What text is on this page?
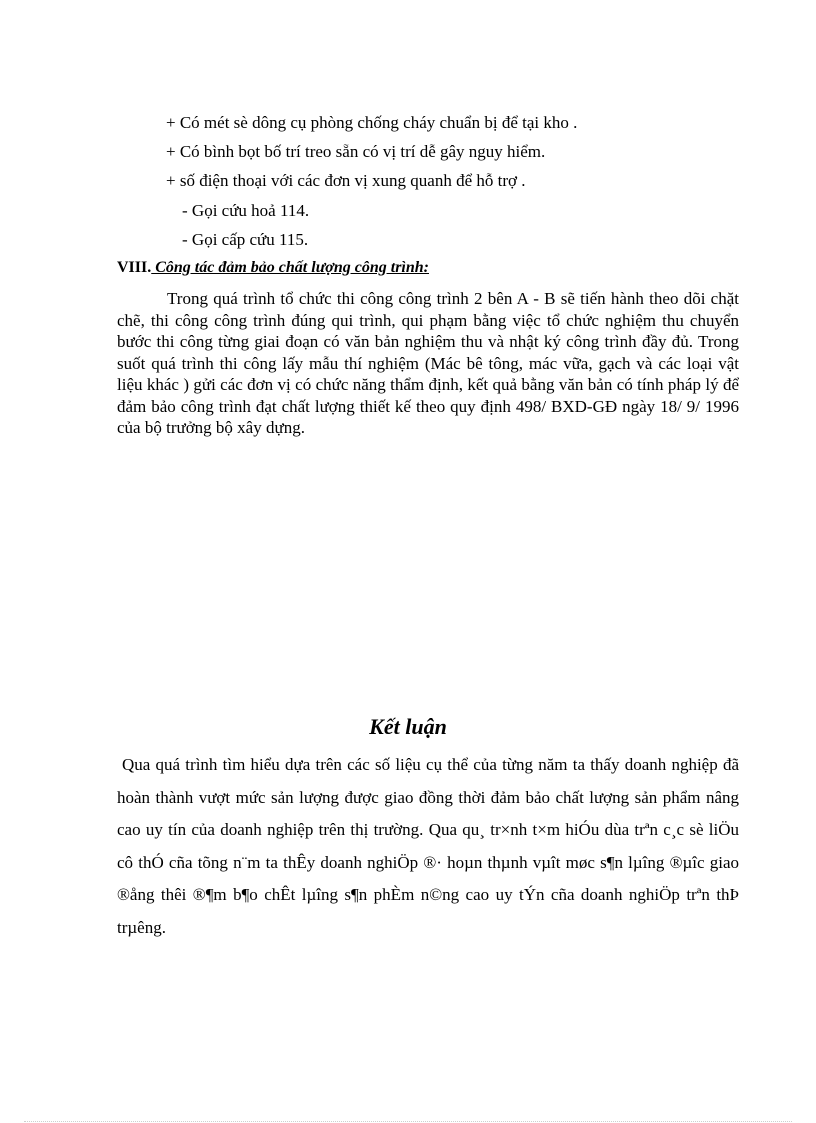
+ Có mét sè dông cụ phòng chống cháy chuẩn bị để tại kho .
+ Có bình bọt bố trí treo sẵn có vị trí dễ gây nguy hiểm.
+ số điện thoại với các đơn vị xung quanh để hỗ trợ .
- Gọi cứu hoả 114.
- Gọi cấp cứu 115.
VIII. Công tác đảm bảo chất lượng công trình:
Trong quá trình tổ chức thi công công trình 2 bên A - B sẽ tiến hành theo dõi chặt chẽ, thi công công trình đúng qui trình, qui phạm bằng việc tổ chức nghiệm thu chuyển bước thi công từng giai đoạn có văn bản nghiệm thu và nhật ký công trình đầy đủ. Trong suốt quá trình thi công lấy mẫu thí nghiệm (Mác bê tông, mác vữa, gạch và các loại vật liệu khác ) gửi các đơn vị có chức năng thẩm định, kết quả bằng văn bản có tính pháp lý để đảm bảo công trình đạt chất lượng thiết kế theo quy định 498/ BXD-GĐ ngày 18/ 9/ 1996 của bộ trưởng bộ xây dựng.
Kết luận
Qua quá trình tìm hiểu dựa trên các số liệu cụ thể của từng năm ta thấy doanh nghiệp đã hoàn thành vượt mức sản lượng được giao đồng thời đảm bảo chất lượng sản phẩm nâng cao uy tín của doanh nghiệp trên thị trường. Qua qu¸ tr×nh t×m hiÓu dùa trªn c¸c sè liÖu cô thÓ cña tõng n¨m ta thÊy doanh nghiÖp ®· hoµn thµnh vµît møc s¶n lµîng ®µîc giao ®ång thêi ®¶m b¶o chÊt lµîng s¶n phÈm n©ng cao uy tÝn cña doanh nghiÖp trªn thÞ trµêng.
